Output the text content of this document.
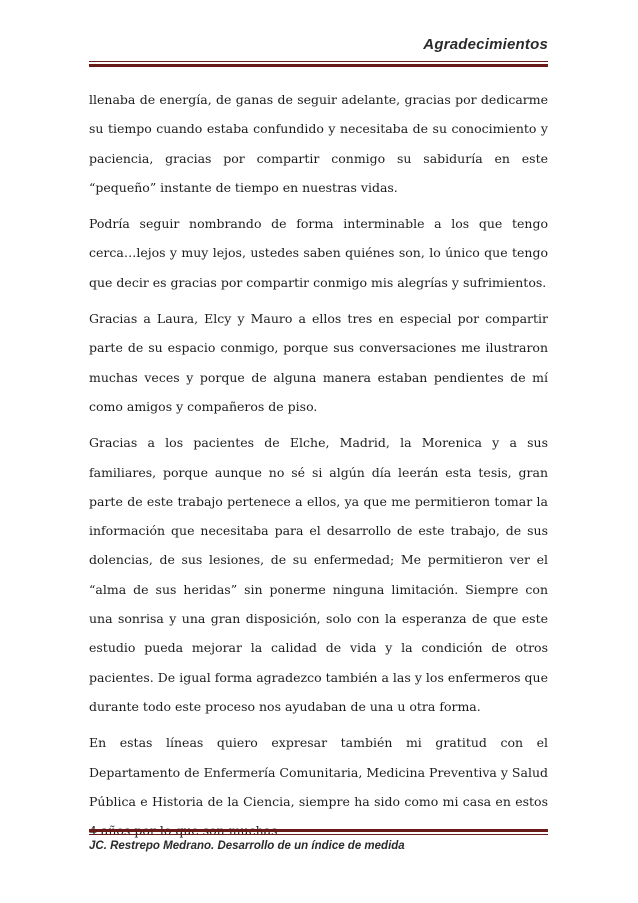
Agradecimientos

llenaba de energía, de ganas de seguir adelante, gracias por dedicarme su tiempo cuando estaba confundido y necesitaba de su conocimiento y paciencia, gracias por compartir conmigo su sabiduría en este “pequeño” instante de tiempo en nuestras vidas.

Podría seguir nombrando de forma interminable a los que tengo cerca…lejos y muy lejos, ustedes saben quiénes son, lo único que tengo que decir es gracias por compartir conmigo mis alegrías y sufrimientos.

Gracias a Laura, Elcy y Mauro a ellos tres en especial por compartir parte de su espacio conmigo, porque sus conversaciones me ilustraron muchas veces y porque de alguna manera estaban pendientes de mí como amigos y compañeros de piso.

Gracias a los pacientes de Elche, Madrid, la Morenica y a sus familiares, porque aunque no sé si algún día leerán esta tesis, gran parte de este trabajo pertenece a ellos, ya que me permitieron tomar la información que necesitaba para el desarrollo de este trabajo, de sus dolencias, de sus lesiones, de su enfermedad; Me permitieron ver el “alma de sus heridas” sin ponerme ninguna limitación. Siempre con una sonrisa y una gran disposición, solo con la esperanza de que este estudio pueda mejorar la calidad de vida y la condición de otros pacientes. De igual forma agradezco también a las y los enfermeros que durante todo este proceso nos ayudaban de una u otra forma.

En estas líneas quiero expresar también mi gratitud con el Departamento de Enfermería Comunitaria, Medicina Preventiva y Salud Pública e Historia de la Ciencia, siempre ha sido como mi casa en estos

JC. Restrepo Medrano. Desarrollo de un índice de medida
